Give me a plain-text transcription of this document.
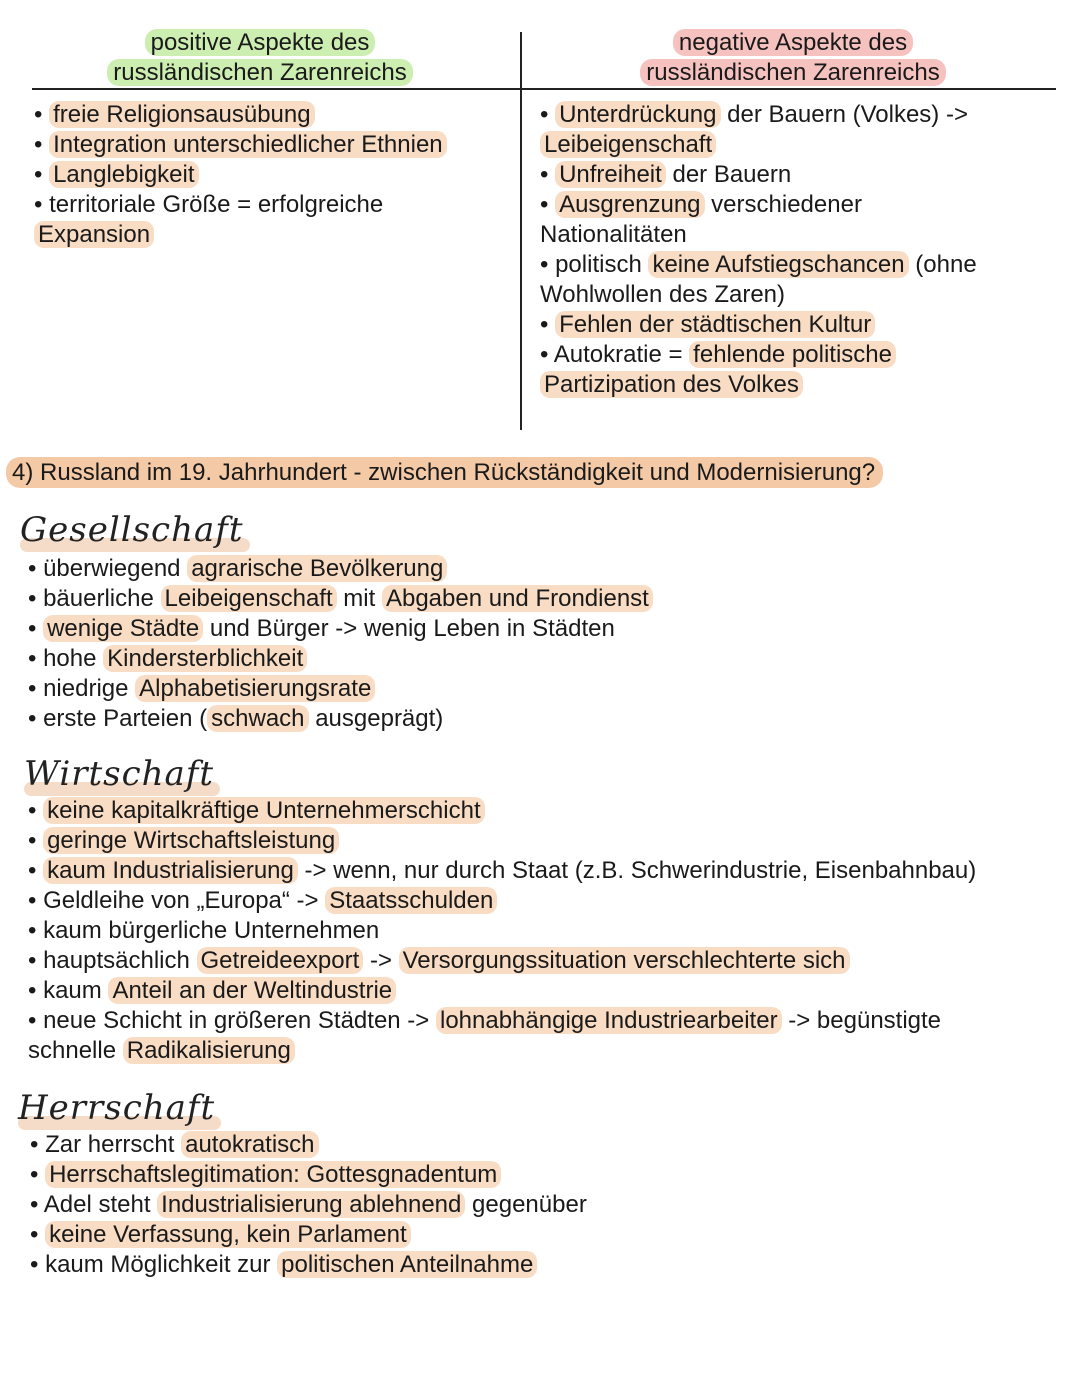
positive Aspekte des
russländischen Zarenreichs
negative Aspekte des
russländischen Zarenreichs
• freie Religionsausübung
• Integration unterschiedlicher Ethnien
• Langlebigkeit
• territoriale Größe = erfolgreiche
Expansion
• Unterdrückung der Bauern (Volkes) ->
Leibeigenschaft
• Unfreiheit der Bauern
• Ausgrenzung verschiedener
Nationalitäten
• politisch keine Aufstiegschancen (ohne
Wohlwollen des Zaren)
• Fehlen der städtischen Kultur
• Autokratie = fehlende politische
Partizipation des Volkes
4) Russland im 19. Jahrhundert - zwischen Rückständigkeit und Modernisierung?
Gesellschaft
• überwiegend agrarische Bevölkerung
• bäuerliche Leibeigenschaft mit Abgaben und Frondienst
• wenige Städte und Bürger -> wenig Leben in Städten
• hohe Kindersterblichkeit
• niedrige Alphabetisierungsrate
• erste Parteien ( schwach ausgeprägt)
Wirtschaft
• keine kapitalkräftige Unternehmerschicht
• geringe Wirtschaftsleistung
• kaum Industrialisierung -> wenn, nur durch Staat (z.B. Schwerindustrie, Eisenbahnbau)
• Geldleihe von „Europa“ -> Staatsschulden
• kaum bürgerliche Unternehmen
• hauptsächlich Getreideexport -> Versorgungssituation verschlechterte sich
• kaum Anteil an der Weltindustrie
• neue Schicht in größeren Städten -> lohnabhängige Industriearbeiter -> begünstigte
schnelle Radikalisierung
Herrschaft
• Zar herrscht autokratisch
• Herrschaftslegitimation: Gottesgnadentum
• Adel steht Industrialisierung ablehnend gegenüber
• keine Verfassung, kein Parlament
• kaum Möglichkeit zur politischen Anteilnahme
